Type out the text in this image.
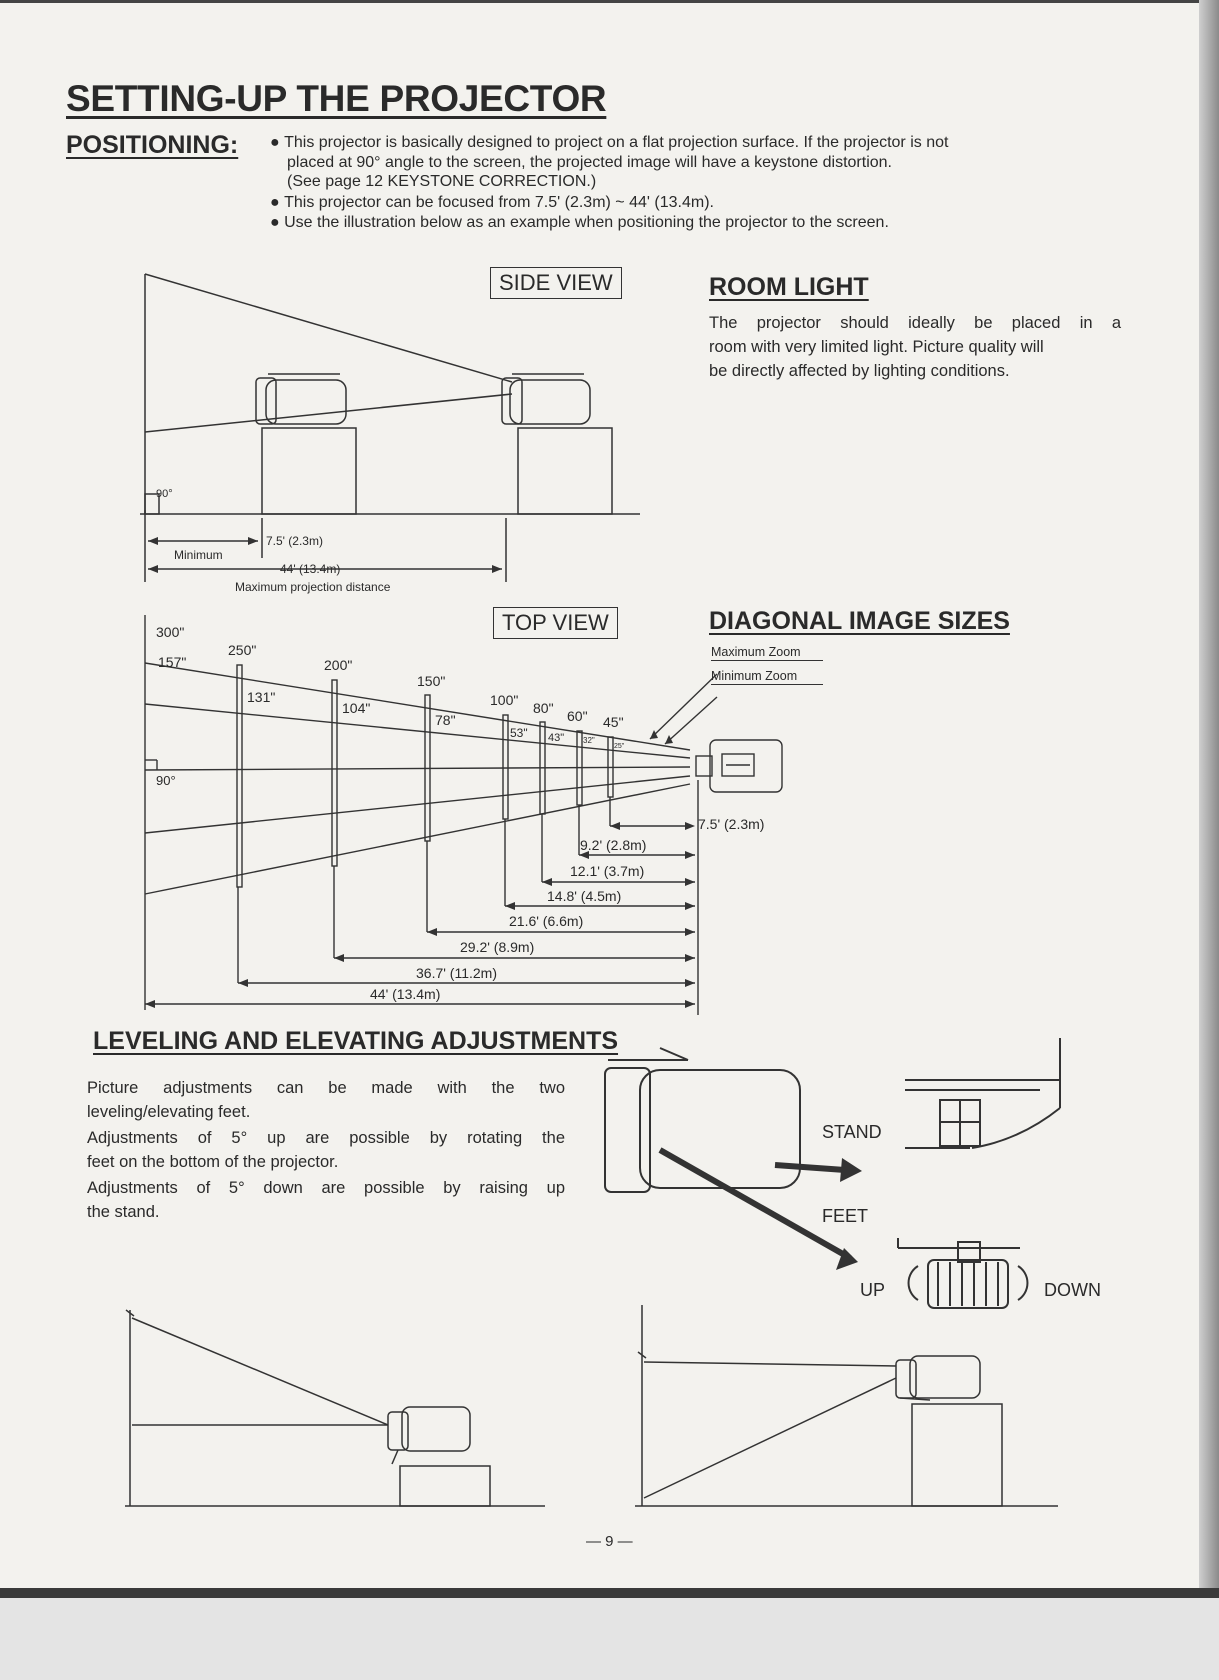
SETTING-UP THE PROJECTOR
POSITIONING: ● This projector is basically designed to project on a flat projection surface. If the projector is not
placed at 90° angle to the screen, the projected image will have a keystone distortion.
(See page 12 KEYSTONE CORRECTION.)
● This projector can be focused from 7.5' (2.3m) ~ 44' (13.4m).
● Use the illustration below as an example when positioning the projector to the screen.
90°
7.5' (2.3m)
Minimum
44' (13.4m)
Maximum projection distance
SIDE VIEW	ROOM LIGHT
The projector should ideally be placed in a
room with very limited light. Picture quality will
be directly affected by lighting conditions.
300"
250"
200"
150"
100" 80" 60" 45"
157"
131"
104"
78"
53" 43" 32"
25"
90°
7.5' (2.3m)
9.2' (2.8m)
12.1' (3.7m)
14.8' (4.5m)
21.6' (6.6m)
29.2' (8.9m)
36.7' (11.2m)
44' (13.4m)
TOP VIEW	DIAGONAL IMAGE SIZES
Maximum Zoom
Minimum Zoom
LEVELING AND ELEVATING ADJUSTMENTS
Picture adjustments can be made with the two
leveling/elevating feet.
Adjustments of 5° up are possible by rotating the
feet on the bottom of the projector.
Adjustments of 5° down are possible by raising up
the stand.
STAND
FEET
UP	DOWN
— 9 —
